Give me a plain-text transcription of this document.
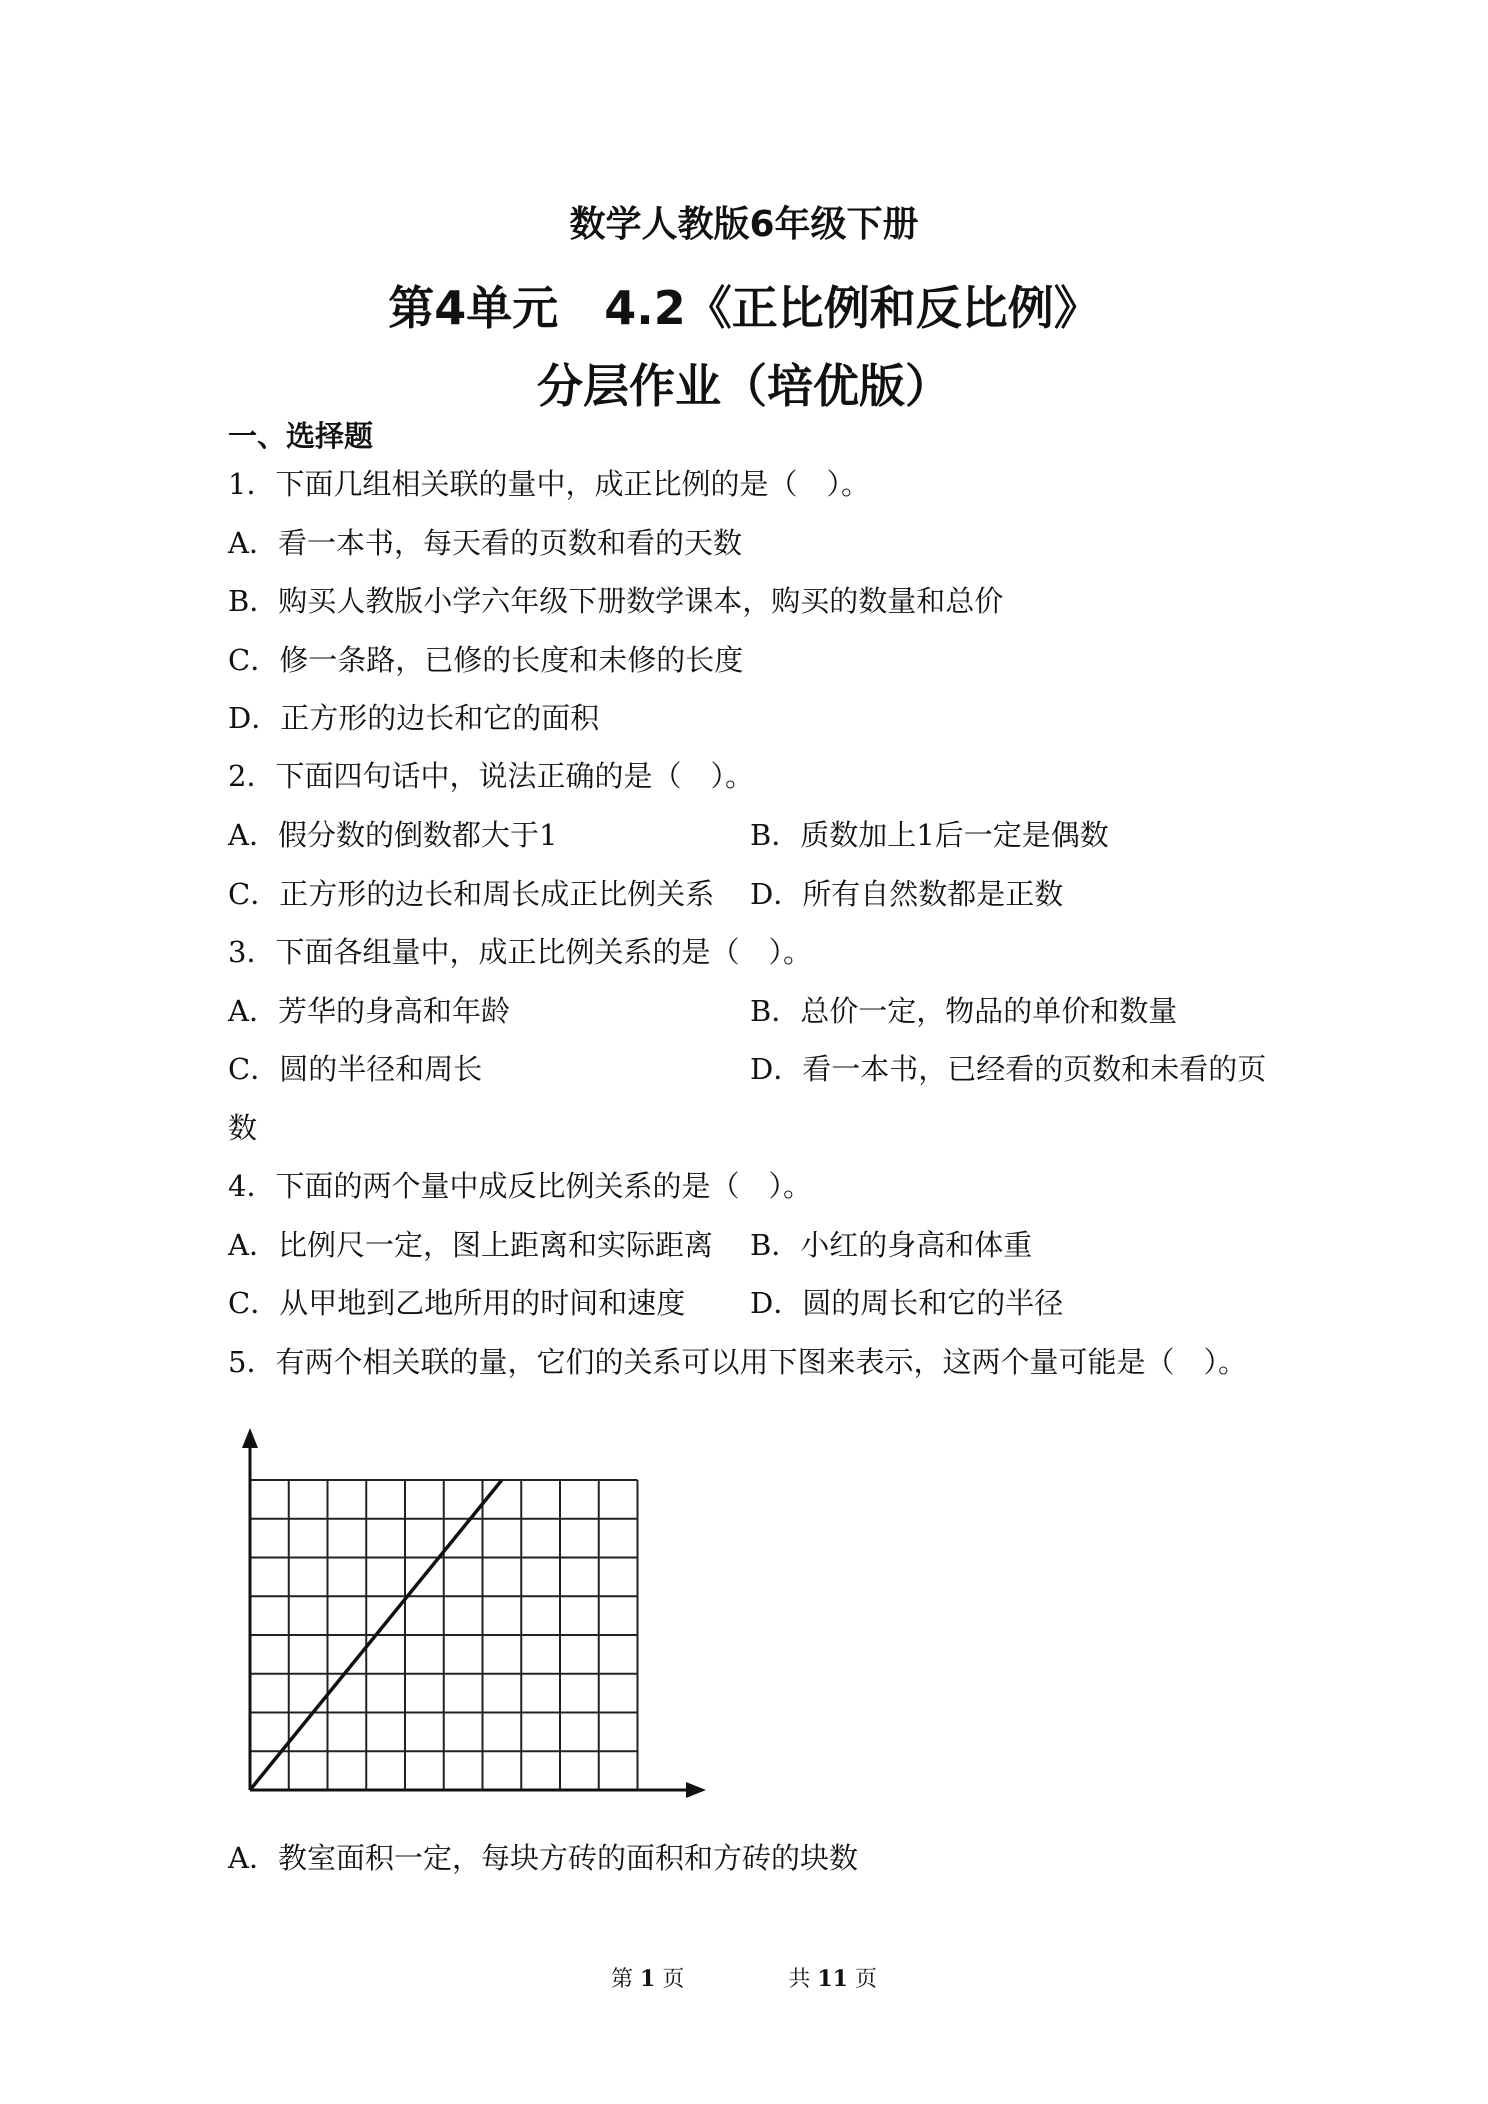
数学人教版6年级下册
第4单元　4.2《正比例和反比例》
分层作业（培优版）
一、选择题
1．下面几组相关联的量中，成正比例的是（　）。
A．看一本书，每天看的页数和看的天数
B．购买人教版小学六年级下册数学课本，购买的数量和总价
C．修一条路，已修的长度和未修的长度
D．正方形的边长和它的面积
2．下面四句话中，说法正确的是（　）。
A．假分数的倒数都大于1	B．质数加上1后一定是偶数
C．正方形的边长和周长成正比例关系 D．所有自然数都是正数
3．下面各组量中，成正比例关系的是（　）。
A．芳华的身高和年龄	B．总价一定，物品的单价和数量
C．圆的半径和周长	D．看一本书，已经看的页数和未看的页
数
4．下面的两个量中成反比例关系的是（　）。
A．比例尺一定，图上距离和实际距离 B．小红的身高和体重
C．从甲地到乙地所用的时间和速度 D．圆的周长和它的半径
5．有两个相关联的量，它们的关系可以用下图来表示，这两个量可能是（　）。
A．教室面积一定，每块方砖的面积和方砖的块数
第 1 页	共 11 页
